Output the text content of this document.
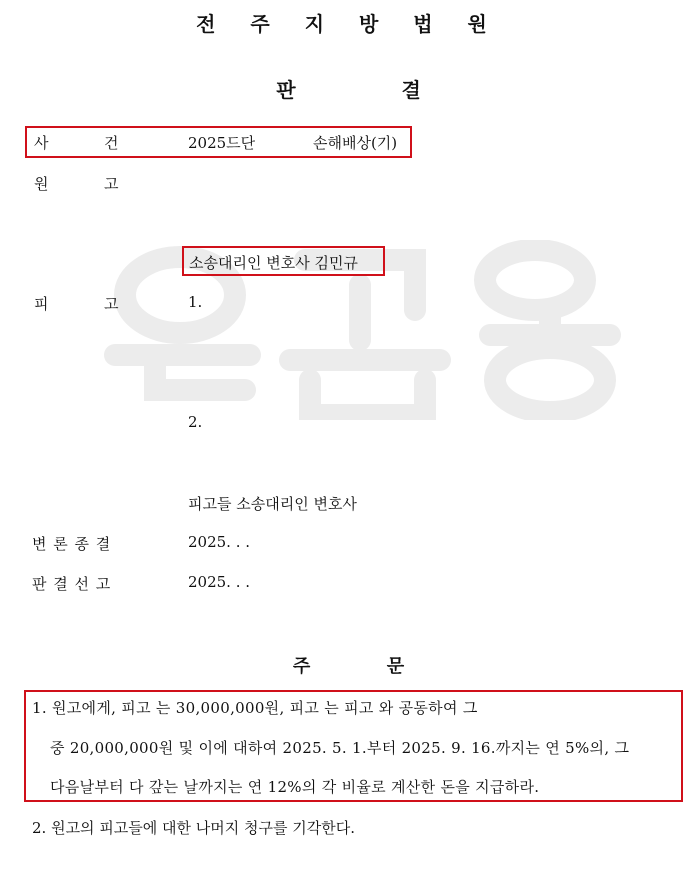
전 주 지 방 법 원
판	결
사	건	2025드단	손해배상(기)
원	고
소송대리인 변호사 김민규
피	고	1.
2.
피고들 소송대리인 변호사
변 론 종 결	2025. . .
판 결 선 고	2025. . .
주	문
1. 원고에게, 피고 는 30,000,000원, 피고 는 피고 와 공동하여 그
중 20,000,000원 및 이에 대하여 2025. 5. 1.부터 2025. 9. 16.까지는 연 5%의, 그
다음날부터 다 갚는 날까지는 연 12%의 각 비율로 계산한 돈을 지급하라.
2. 원고의 피고들에 대한 나머지 청구를 기각한다.
